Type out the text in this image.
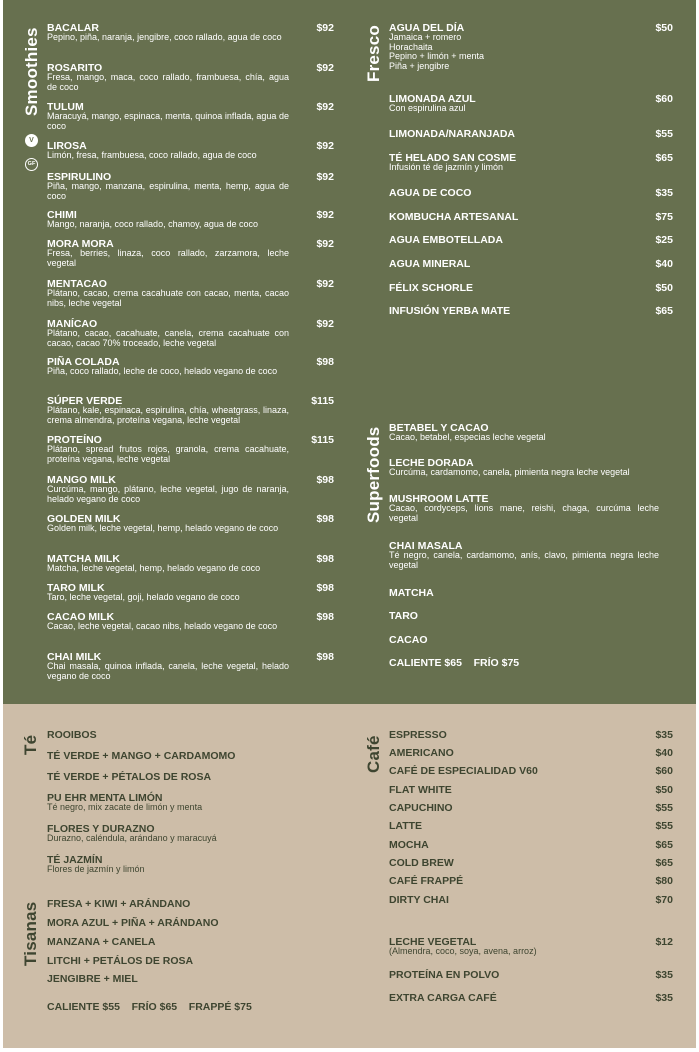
Smoothies	Fresco
Superfoods
Té
Tisanas
Café
V
GF
BACALAR
Pepino, piña, naranja, jengibre, coco rallado, agua de coco
$92
ROSARITO
Fresa, mango, maca, coco rallado, frambuesa, chía, agua de coco
$92
TULUM
Maracuyá, mango, espinaca, menta, quinoa inflada, agua de coco
$92
LIROSA
Limón, fresa, frambuesa, coco rallado, agua de coco
$92
ESPIRULINO
Piña, mango, manzana, espirulina, menta, hemp, agua de coco
$92
CHIMI
Mango, naranja, coco rallado, chamoy, agua de coco
$92
MORA MORA
Fresa, berries, linaza, coco rallado, zarzamora, leche vegetal
$92
MENTACAO
Plátano, cacao, crema cacahuate con cacao, menta, cacao nibs, leche vegetal
$92
MANÍCAO
Plátano, cacao, cacahuate, canela, crema cacahuate con cacao, cacao 70% troceado, leche vegetal
$92
PIÑA COLADA
Piña, coco rallado, leche de coco, helado vegano de coco
$98
SÚPER VERDE
Plátano, kale, espinaca, espirulina, chía, wheatgrass, linaza, crema almendra, proteína vegana, leche vegetal
$115
PROTEÍNO
Plátano, spread frutos rojos, granola, crema cacahuate, proteína vegana, leche vegetal
$115
MANGO MILK
Curcúma, mango, plátano, leche vegetal, jugo de naranja, helado vegano de coco
$98
GOLDEN MILK
Golden milk, leche vegetal, hemp, helado vegano de coco
$98
MATCHA MILK
Matcha, leche vegetal, hemp, helado vegano de coco
$98
TARO MILK
Taro, leche vegetal, goji, helado vegano de coco
$98
CACAO MILK
Cacao, leche vegetal, cacao nibs, helado vegano de coco
$98
CHAI MILK
Chai masala, quinoa inflada, canela, leche vegetal, helado vegano de coco
$98
AGUA DEL DÍA
Jamaica + romero
Horachaita
Pepino + limón + menta
Piña + jengibre
$50
LIMONADA AZUL
Con espirulina azul
$60
LIMONADA/NARANJADA	$55
TÉ HELADO SAN COSME
Infusión té de jazmín y limón
$65
AGUA DE COCO	$35
KOMBUCHA ARTESANAL	$75
AGUA EMBOTELLADA	$25
AGUA MINERAL	$40
FÉLIX SCHORLE	$50
INFUSIÓN YERBA MATE	$65
BETABEL Y CACAO
Cacao, betabel, especias leche vegetal
LECHE DORADA
Curcúma, cardamomo, canela, pimienta negra leche vegetal
MUSHROOM LATTE
Cacao, cordyceps, lions mane, reishi, chaga, curcúma leche vegetal
CHAI MASALA
Té negro, canela, cardamomo, anís, clavo, pimienta negra leche vegetal
MATCHA
TARO
CACAO
CALIENTE $65    FRÍO $75
ROOIBOS
TÉ VERDE + MANGO + CARDAMOMO
TÉ VERDE + PÉTALOS DE ROSA
PU EHR MENTA LIMÓN
Té negro, mix zacate de limón y menta
FLORES Y DURAZNO
Durazno, caléndula, arándano y maracuyá
TÉ JAZMÍN
Flores de jazmín y limón
FRESA + KIWI + ARÁNDANO
MORA AZUL + PIÑA + ARÁNDANO
MANZANA + CANELA
LITCHI + PETÁLOS DE ROSA
JENGIBRE + MIEL
CALIENTE $55    FRÍO $65    FRAPPÉ $75
ESPRESSO	$35
AMERICANO	$40
CAFÉ DE ESPECIALIDAD V60	$60
FLAT WHITE	$50
CAPUCHINO	$55
LATTE	$55
MOCHA	$65
COLD BREW	$65
CAFÉ FRAPPÉ	$80
DIRTY CHAI	$70
LECHE VEGETAL
(Almendra, coco, soya, avena, arroz)
$12
PROTEÍNA EN POLVO	$35
EXTRA CARGA CAFÉ	$35
